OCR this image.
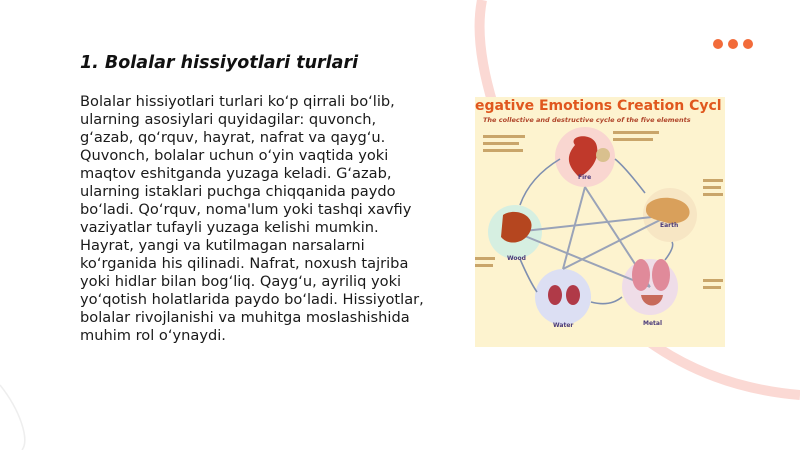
1. Bolalar hissiyotlari turlari

Bolalar hissiyotlari turlari ko‘p qirrali bo‘lib, ularning asosiylari quyidagilar: quvonch, g‘azab, qo‘rquv, hayrat, nafrat va qayg‘u. Quvonch, bolalar uchun o‘yin vaqtida yoki maqtov eshitganda yuzaga keladi. G‘azab, ularning istaklari puchga chiqqanida paydo bo‘ladi. Qo‘rquv, noma'lum yoki tashqi xavfiy vaziyatlar tufayli yuzaga kelishi mumkin. Hayrat, yangi va kutilmagan narsalarni ko‘rganida his qilinadi. Nafrat, noxush tajriba yoki hidlar bilan bog‘liq. Qayg‘u, ayriliq yoki yo‘qotish holatlarida paydo bo‘ladi. Hissiyotlar, bolalar rivojlanishi va muhitga moslashishida muhim rol o‘ynaydi.

egative Emotions Creation Cycl
The collective and destructive cycle of the five elements
Fire
Wood
Earth
Water	Metal
